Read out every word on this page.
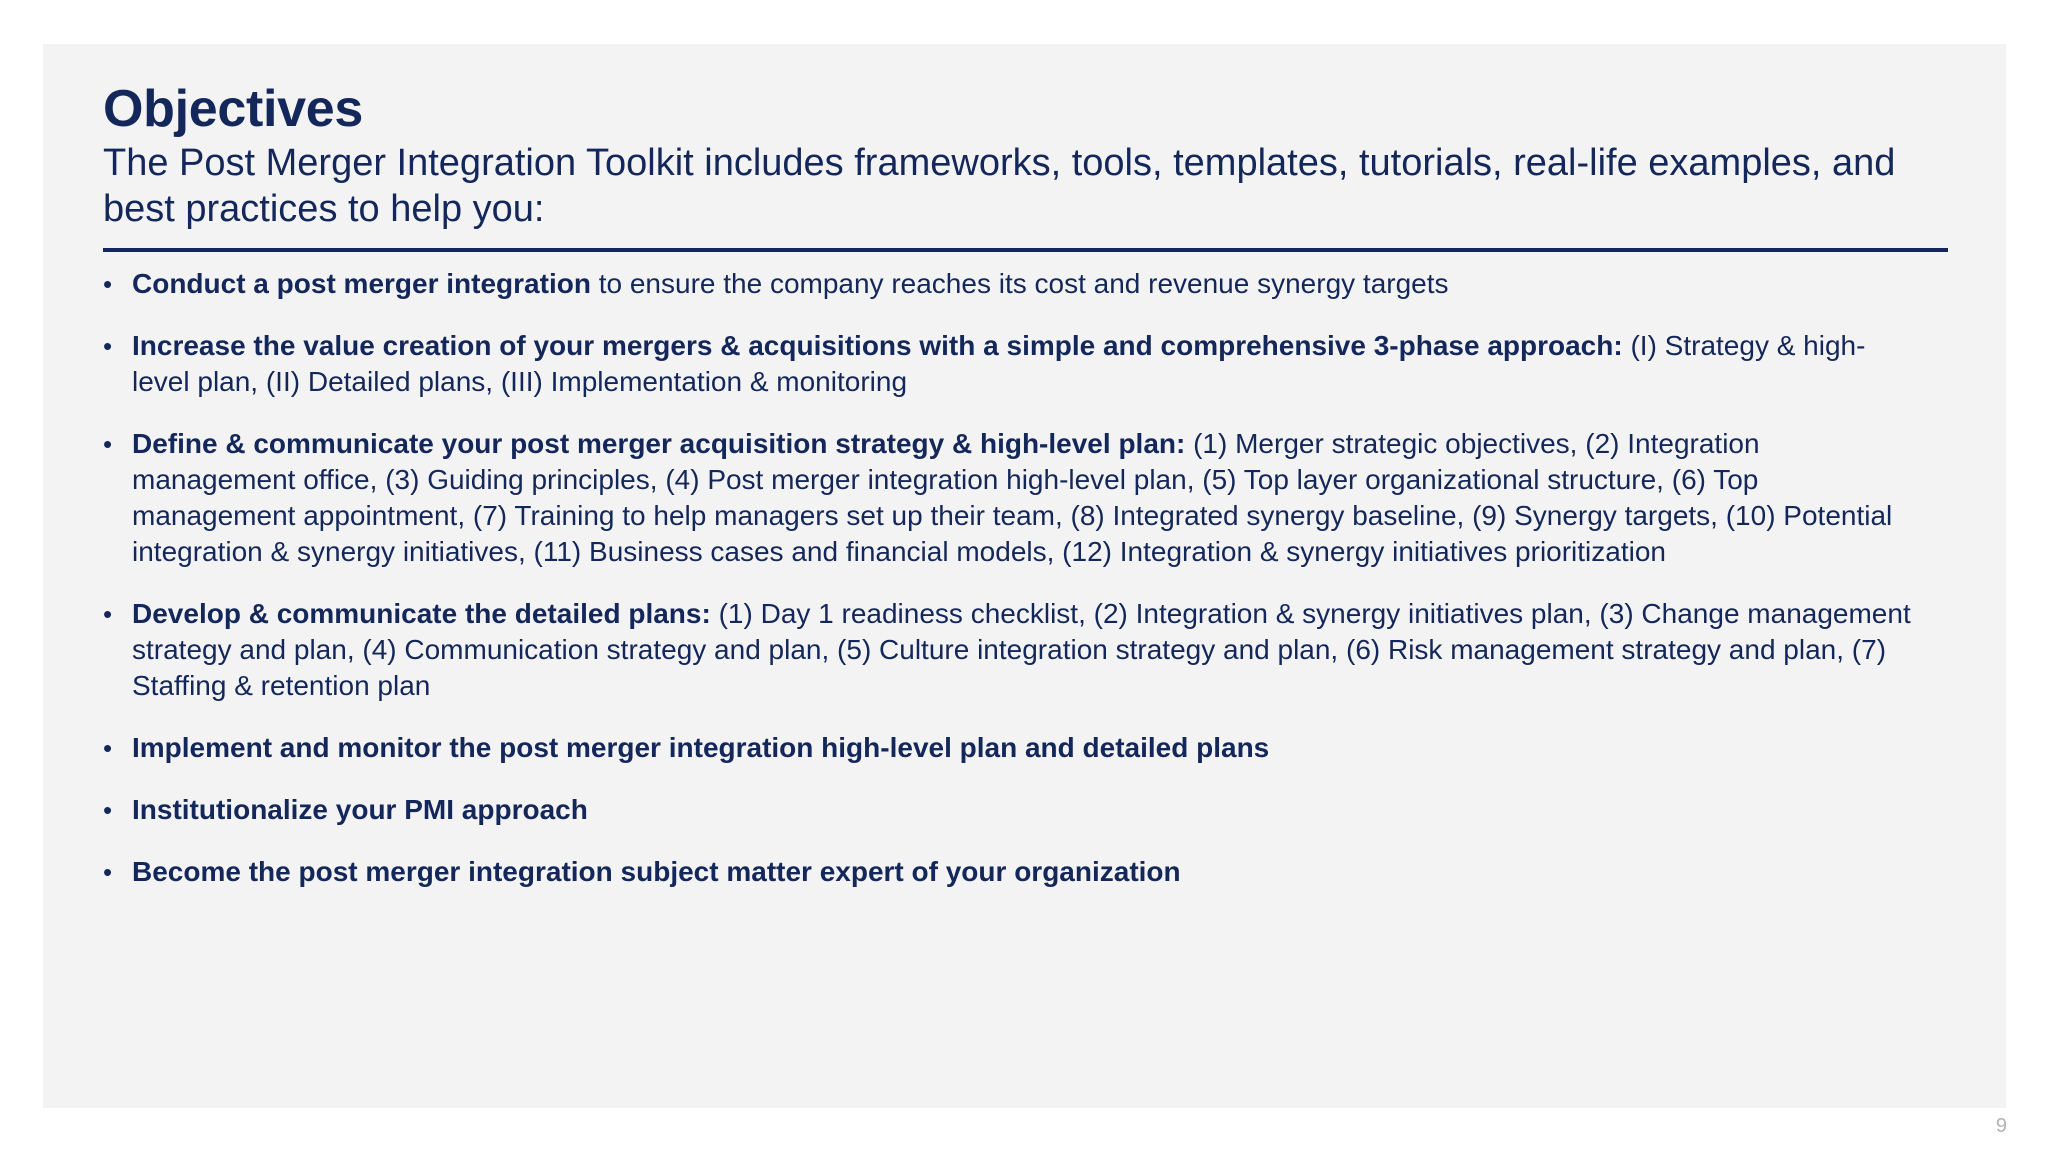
Objectives

The Post Merger Integration Toolkit includes frameworks, tools, templates, tutorials, real-life examples, and best practices to help you:

• Conduct a post merger integration to ensure the company reaches its cost and revenue synergy targets
• Increase the value creation of your mergers & acquisitions with a simple and comprehensive 3-phase approach: (I) Strategy & high-level plan, (II) Detailed plans, (III) Implementation & monitoring
• Define & communicate your post merger acquisition strategy & high-level plan: (1) Merger strategic objectives, (2) Integration management office, (3) Guiding principles, (4) Post merger integration high-level plan, (5) Top layer organizational structure, (6) Top management appointment, (7) Training to help managers set up their team, (8) Integrated synergy baseline, (9) Synergy targets, (10) Potential integration & synergy initiatives, (11) Business cases and financial models, (12) Integration & synergy initiatives prioritization
• Develop & communicate the detailed plans: (1) Day 1 readiness checklist, (2) Integration & synergy initiatives plan, (3) Change management strategy and plan, (4) Communication strategy and plan, (5) Culture integration strategy and plan, (6) Risk management strategy and plan, (7) Staffing & retention plan
• Implement and monitor the post merger integration high-level plan and detailed plans
• Institutionalize your PMI approach
• Become the post merger integration subject matter expert of your organization
9
